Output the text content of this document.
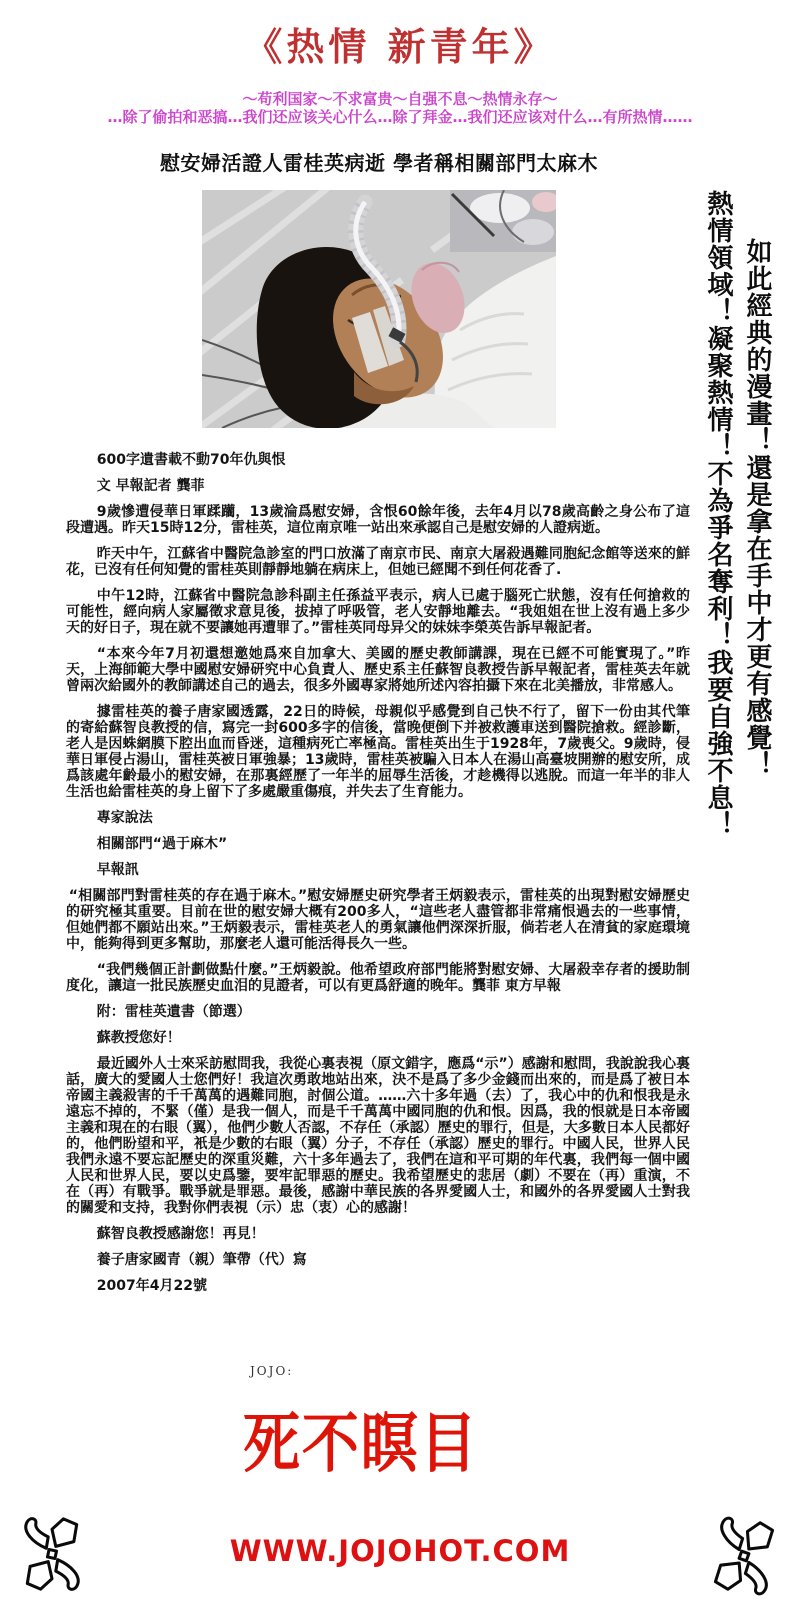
《热情 新青年》
～苟利国家～不求富贵～自强不息～热情永存～
…除了偷拍和恶搞…我们还应该关心什么…除了拜金…我们还应该对什么…有所热情……
慰安婦活證人雷桂英病逝 學者稱相關部門太麻木
熱情領域！凝聚熱情！不為爭名奪利！我要自強不息！ 如此經典的漫畫！還是拿在手中才更有感覺！

600字遺書載不動70年仇與恨

文 早報記者 龔菲

9歲慘遭侵華日軍蹂躪，13歲淪爲慰安婦，含恨60餘年後，去年4月以78歲高齡之身公布了這段遭遇。昨天15時12分，雷桂英，這位南京唯一站出來承認自己是慰安婦的人證病逝。

昨天中午，江蘇省中醫院急診室的門口放滿了南京市民、南京大屠殺遇難同胞紀念館等送來的鮮花，已沒有任何知覺的雷桂英則靜靜地躺在病床上，但她已經聞不到任何花香了.

中午12時，江蘇省中醫院急診科副主任孫益平表示，病人已處于腦死亡狀態，沒有任何搶救的可能性，經向病人家屬徵求意見後，拔掉了呼吸管，老人安靜地離去。“我姐姐在世上沒有過上多少天的好日子，現在就不要讓她再遭罪了。”雷桂英同母异父的妹妹李榮英告訴早報記者。

“本來今年7月初還想邀她爲來自加拿大、美國的歷史教師講課，現在已經不可能實現了。”昨天，上海師範大學中國慰安婦研究中心負責人、歷史系主任蘇智良教授告訴早報記者，雷桂英去年就曾兩次給國外的教師講述自己的過去，很多外國專家將她所述內容拍攝下來在北美播放，非常感人。

據雷桂英的養子唐家國透露，22日的時候，母親似乎感覺到自己快不行了，留下一份由其代筆的寄給蘇智良教授的信，寫完一封600多字的信後，當晚便倒下并被救護車送到醫院搶救。經診斷，老人是因蛛網膜下腔出血而昏迷，這種病死亡率極高。雷桂英出生于1928年，7歲喪父。9歲時，侵華日軍侵占湯山，雷桂英被日軍強暴；13歲時，雷桂英被騙入日本人在湯山高臺坡開辦的慰安所，成爲該處年齡最小的慰安婦，在那裏經歷了一年半的屈辱生活後，才趁機得以逃脫。而這一年半的非人生活也給雷桂英的身上留下了多處嚴重傷痕，并失去了生育能力。

專家說法

相關部門“過于麻木”

早報訊

“相關部門對雷桂英的存在過于麻木。”慰安婦歷史研究學者王炳毅表示，雷桂英的出現對慰安婦歷史的研究極其重要。目前在世的慰安婦大概有200多人，“這些老人盡管都非常痛恨過去的一些事情，但她們都不願站出來。”王炳毅表示，雷桂英老人的勇氣讓他們深深折服，倘若老人在清貧的家庭環境中，能夠得到更多幫助，那麼老人還可能活得長久一些。

“我們幾個正計劃做點什麼。”王炳毅說。他希望政府部門能將對慰安婦、大屠殺幸存者的援助制度化，讓這一批民族歷史血泪的見證者，可以有更爲舒適的晚年。龔菲 東方早報

附：雷桂英遺書（節選）

蘇教授您好！

最近國外人士來采訪慰問我，我從心裏表視（原文錯字，應爲“示”）感謝和慰問，我說說我心裏話，廣大的愛國人士您們好！我這次勇敢地站出來，決不是爲了多少金錢而出來的，而是爲了被日本帝國主義殺害的千千萬萬的遇難同胞，討個公道。……六十多年過（去）了，我心中的仇和恨我是永遠忘不掉的，不緊（僅）是我一個人，而是千千萬萬中國同胞的仇和恨。因爲，我的恨就是日本帝國主義和現在的右眼（翼），他們少數人否認，不存任（承認）歷史的罪行，但是，大多數日本人民都好的，他們盼望和平，衹是少數的右眼（翼）分子，不存任（承認）歷史的罪行。中國人民，世界人民我們永遠不要忘記歷史的深重災難，六十多年過去了，我們在這和平可期的年代裏，我們每一個中國人民和世界人民，要以史爲鑒，要牢記罪惡的歷史。我希望歷史的悲居（劇）不要在（再）重演，不在（再）有戰爭。戰爭就是罪惡。最後，感謝中華民族的各界愛國人士，和國外的各界愛國人士對我的關愛和支持，我對你們表視（示）忠（衷）心的感謝！

蘇智良教授感謝您！再見！

養子唐家國青（親）筆帶（代）寫

2007年4月22號

JOJO:
死不瞑目
WWW.JOJOHOT.COM
